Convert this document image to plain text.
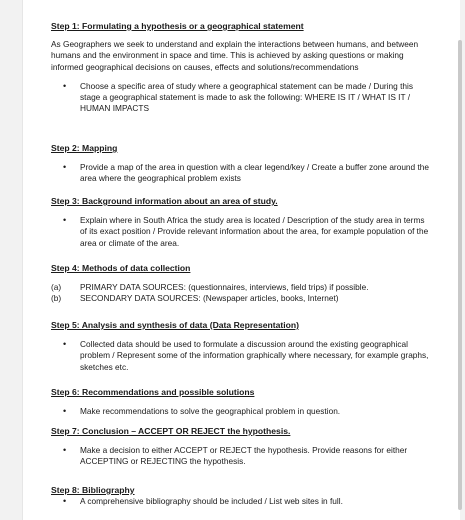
Step 1: Formulating a hypothesis or a geographical statement

As Geographers we seek to understand and explain the interactions between humans, and between humans and the environment in space and time. This is achieved by asking questions or making informed geographical decisions on causes, effects and solutions/recommendations

• Choose a specific area of study where a geographical statement can be made / During this stage a geographical statement is made to ask the following: WHERE IS IT / WHAT IS IT / HUMAN IMPACTS
Step 2: Mapping
• Provide a map of the area in question with a clear legend/key / Create a buffer zone around the area where the geographical problem exists
Step 3: Background information about an area of study.
• Explain where in South Africa the study area is located / Description of the study area in terms of its exact position / Provide relevant information about the area, for example population of the area or climate of the area.
Step 4: Methods of data collection
(a)	PRIMARY DATA SOURCES: (questionnaires, interviews, field trips) if possible.
(b)	SECONDARY DATA SOURCES: (Newspaper articles, books, Internet)
Step 5: Analysis and synthesis of data (Data Representation)
• Collected data should be used to formulate a discussion around the existing geographical problem / Represent some of the information graphically where necessary, for example graphs, sketches etc.
Step 6: Recommendations and possible solutions
• Make recommendations to solve the geographical problem in question.
Step 7: Conclusion – ACCEPT OR REJECT the hypothesis.
• Make a decision to either ACCEPT or REJECT the hypothesis. Provide reasons for either ACCEPTING or REJECTING the hypothesis.
Step 8: Bibliography
• A comprehensive bibliography should be included / List web sites in full.
